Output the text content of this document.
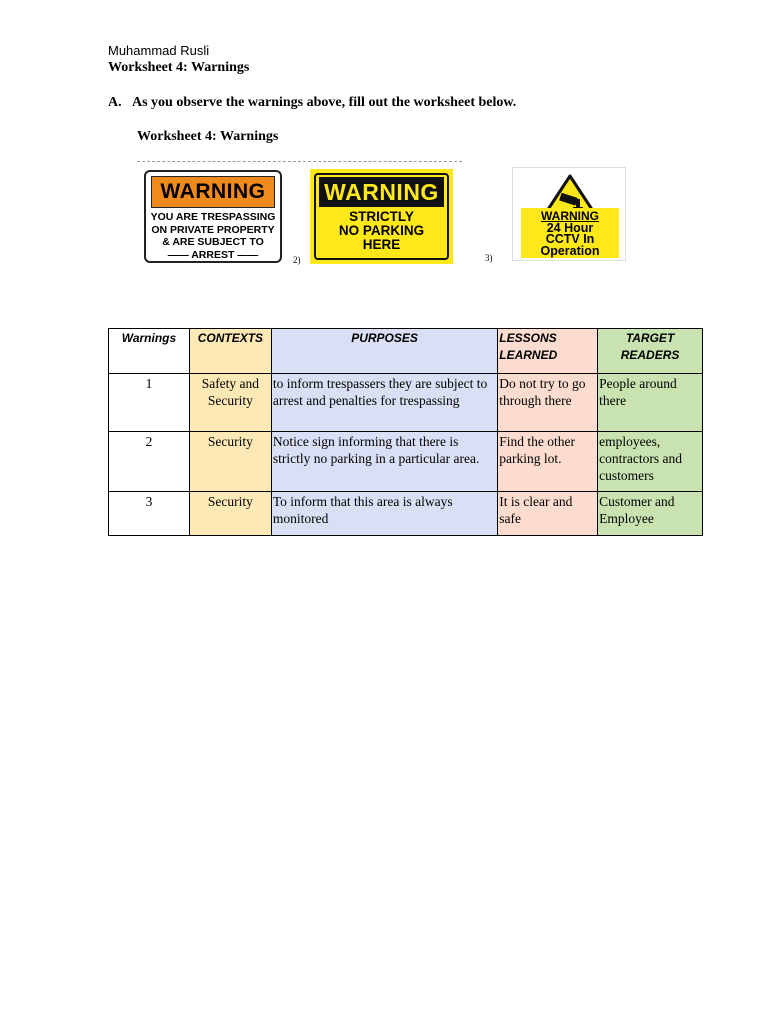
Muhammad Rusli
Worksheet 4: Warnings
A. As you observe the warnings above, fill out the worksheet below.
Worksheet 4: Warnings
WARNING
YOU ARE TRESPASSING
ON PRIVATE PROPERTY
& ARE SUBJECT TO
—— ARREST ——
WARNING
STRICTLY
NO PARKING
HERE
2)
WARNING
24 Hour
CCTV In
Operation
3)
Warnings	CONTEXTS	PURPOSES	LESSONS LEARNED	TARGET READERS
1	Safety and Security	to inform trespassers they are subject to arrest and penalties for trespassing	Do not try to go through there	People around there
2	Security	Notice sign informing that there is strictly no parking in a particular area.	Find the other parking lot.	employees, contractors and customers
3	Security	To inform that this area is always monitored	It is clear and safe	Customer and Employee
